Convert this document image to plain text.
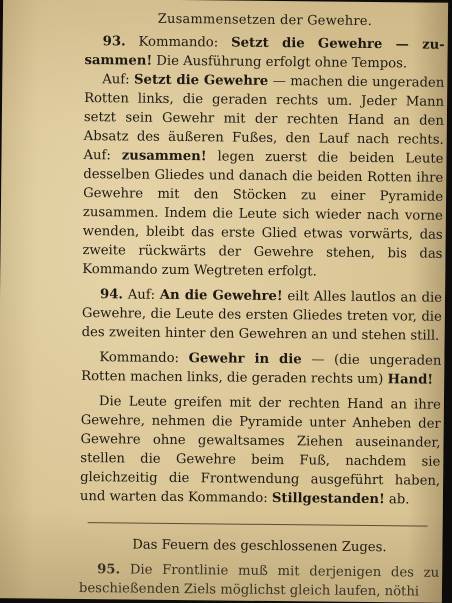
Zusammensetzen der Gewehre.

93. Kommando: Setzt die Gewehre — zusammen! Die Ausführung erfolgt ohne Tempos.

Auf: Setzt die Gewehre — machen die ungeraden Rotten links, die geraden rechts um. Jeder Mann setzt sein Gewehr mit der rechten Hand an den Absatz des äußeren Fußes, den Lauf nach rechts. Auf: zusammen! legen zuerst die beiden Leute desselben Gliedes und danach die beiden Rotten ihre Gewehre mit den Stöcken zu einer Pyramide zusammen. Indem die Leute sich wieder nach vorne wenden, bleibt das erste Glied etwas vorwärts, das zweite rückwärts der Gewehre stehen, bis das Kommando zum Wegtreten erfolgt.

94. Auf: An die Gewehre! eilt Alles lautlos an die Gewehre, die Leute des ersten Gliedes treten vor, die des zweiten hinter den Gewehren an und stehen still.

Kommando: Gewehr in die — (die ungeraden Rotten machen links, die geraden rechts um) Hand!

Die Leute greifen mit der rechten Hand an ihre Gewehre, nehmen die Pyramide unter Anheben der Gewehre ohne gewaltsames Ziehen auseinander, stellen die Gewehre beim Fuß, nachdem sie gleichzeitig die Frontwendung ausgeführt haben, und warten das Kommando: Stillgestanden! ab.

Das Feuern des geschlossenen Zuges.

95. Die Frontlinie muß mit derjenigen des zu beschießenden Ziels möglichst gleich laufen, nöthi
